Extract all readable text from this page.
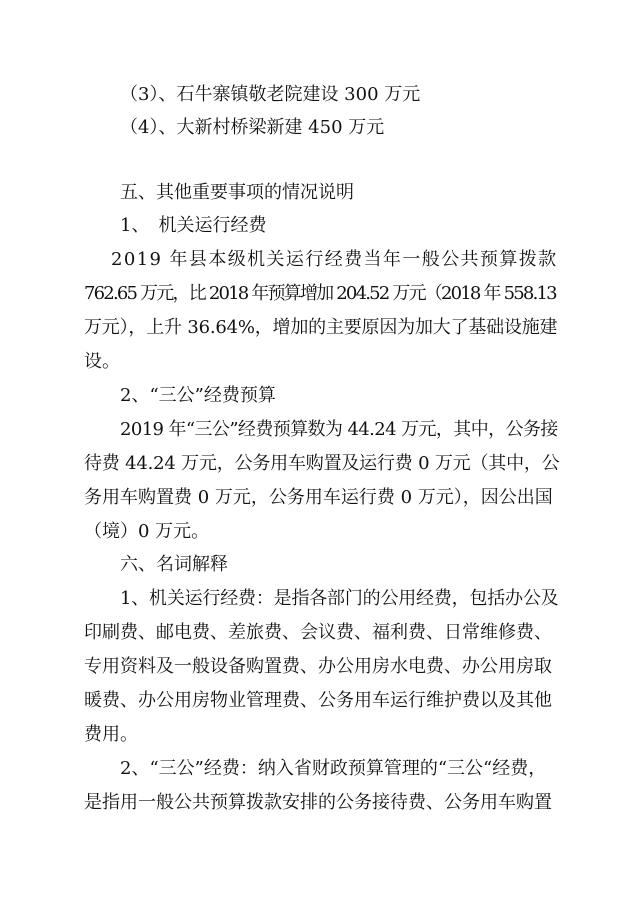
（3）、石牛寨镇敬老院建设 300 万元
（4）、大新村桥梁新建 450 万元
五、其他重要事项的情况说明
1、　机关运行经费
2019 年县本级机关运行经费当年一般公共预算拨款
762.65 万元，比 2018 年预算增加 204.52 万元（2018 年 558.13
万元），上升 36.64%，增加的主要原因为加大了基础设施建
设。
2、“三公”经费预算
2019 年“三公”经费预算数为 44.24 万元，其中，公务接
待费 44.24 万元，公务用车购置及运行费 0 万元（其中，公
务用车购置费 0 万元，公务用车运行费 0 万元），因公出国
（境）0 万元。
六、名词解释
1、机关运行经费：是指各部门的公用经费，包括办公及
印刷费、邮电费、差旅费、会议费、福利费、日常维修费、
专用资料及一般设备购置费、办公用房水电费、办公用房取
暖费、办公用房物业管理费、公务用车运行维护费以及其他
费用。
2、“三公”经费：纳入省财政预算管理的“三公“经费，
是指用一般公共预算拨款安排的公务接待费、公务用车购置
